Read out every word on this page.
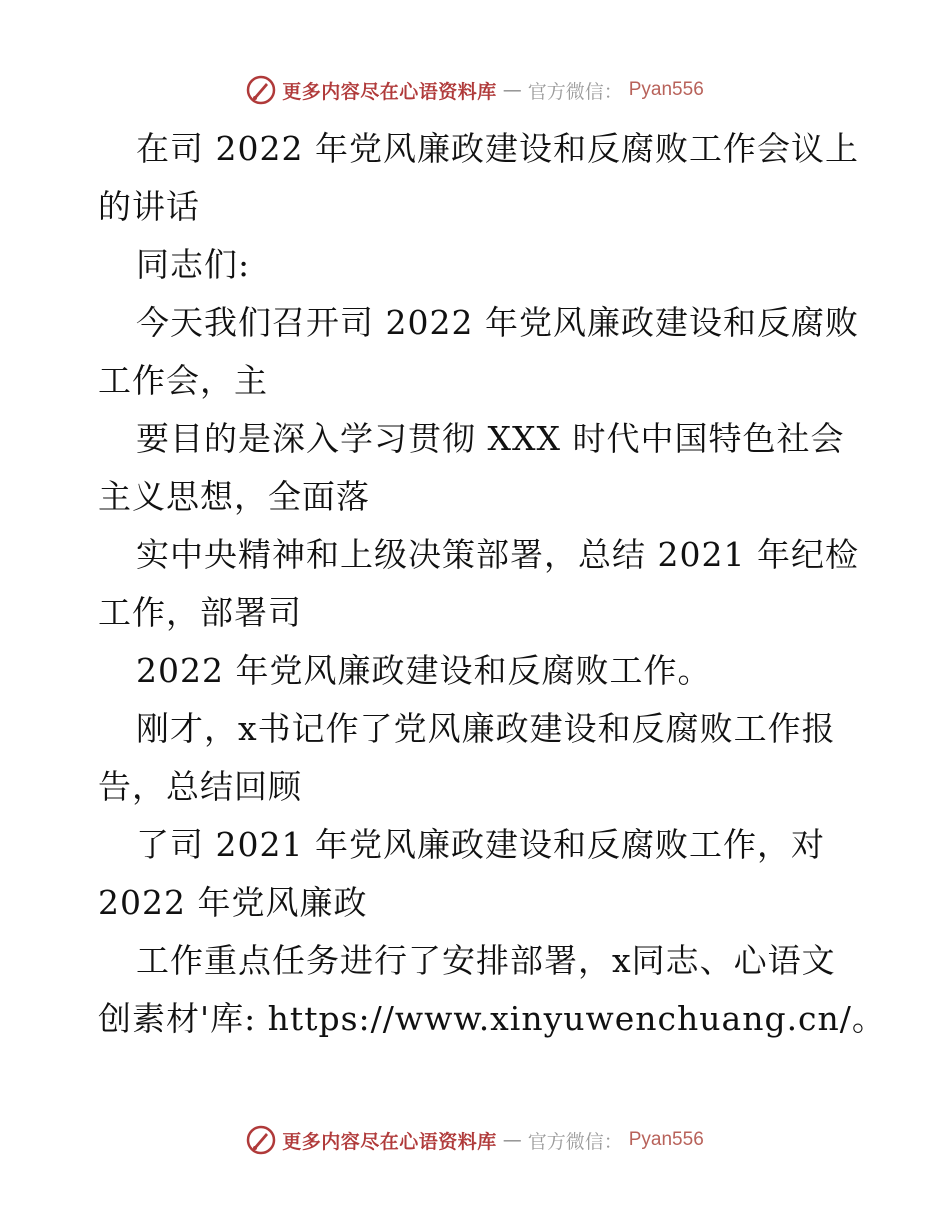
更多内容尽在心语资料库 — 官方微信： Pyan556
在司 2022 年党风廉政建设和反腐败工作会议上
的讲话
同志们:
今天我们召开司 2022 年党风廉政建设和反腐败
工作会，主
要目的是深入学习贯彻 XXX 时代中国特色社会
主义思想，全面落
实中央精神和上级决策部署，总结 2021 年纪检
工作，部署司
2022 年党风廉政建设和反腐败工作。
刚才，x书记作了党风廉政建设和反腐败工作报
告，总结回顾
了司 2021 年党风廉政建设和反腐败工作，对
2022 年党风廉政
工作重点任务进行了安排部署，x同志、心语文
创素材'库: https://www.xinyuwenchuang.cn/。
更多内容尽在心语资料库 — 官方微信： Pyan556
